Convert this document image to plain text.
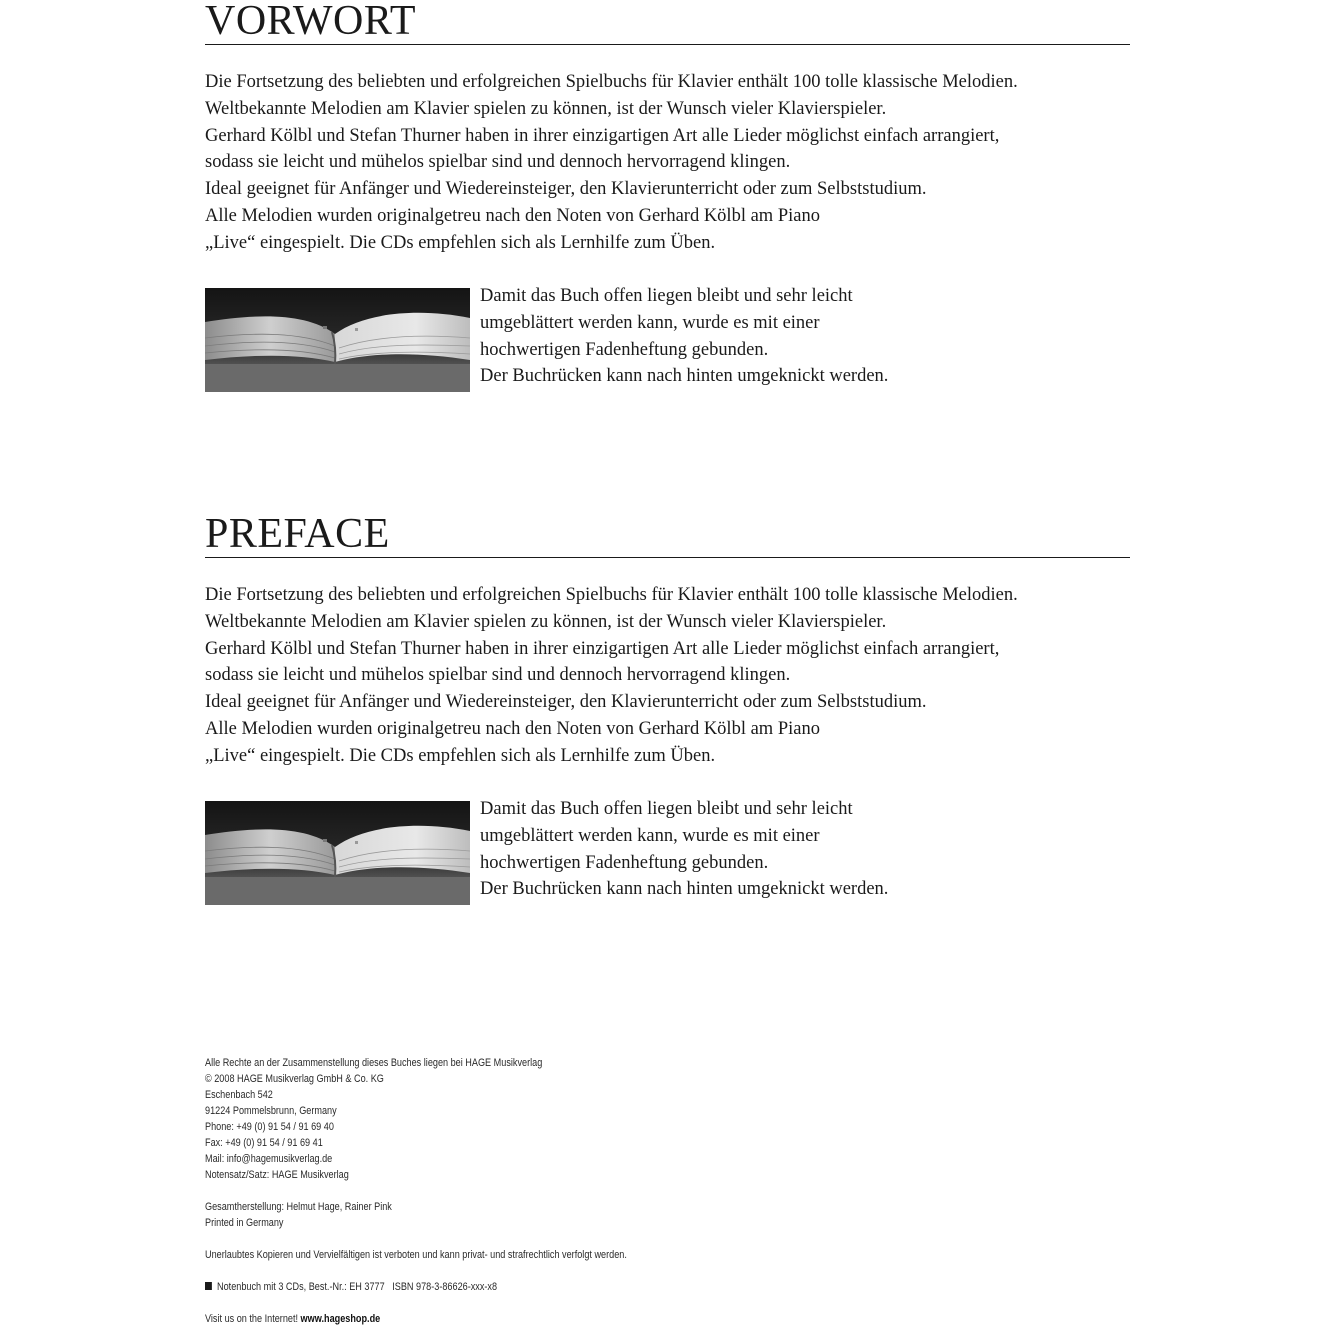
VORWORT
Die Fortsetzung des beliebten und erfolgreichen Spielbuchs für Klavier enthält 100 tolle klassische Melodien.
Weltbekannte Melodien am Klavier spielen zu können, ist der Wunsch vieler Klavierspieler.
Gerhard Kölbl und Stefan Thurner haben in ihrer einzigartigen Art alle Lieder möglichst einfach arrangiert,
sodass sie leicht und mühelos spielbar sind und dennoch hervorragend klingen.
Ideal geeignet für Anfänger und Wiedereinsteiger, den Klavierunterricht oder zum Selbststudium.
Alle Melodien wurden originalgetreu nach den Noten von Gerhard Kölbl am Piano
„Live“ eingespielt. Die CDs empfehlen sich als Lernhilfe zum Üben.
Damit das Buch offen liegen bleibt und sehr leicht
umgeblättert werden kann, wurde es mit einer
hochwertigen Fadenheftung gebunden.
Der Buchrücken kann nach hinten umgeknickt werden.
PREFACE
Die Fortsetzung des beliebten und erfolgreichen Spielbuchs für Klavier enthält 100 tolle klassische Melodien.
Weltbekannte Melodien am Klavier spielen zu können, ist der Wunsch vieler Klavierspieler.
Gerhard Kölbl und Stefan Thurner haben in ihrer einzigartigen Art alle Lieder möglichst einfach arrangiert,
sodass sie leicht und mühelos spielbar sind und dennoch hervorragend klingen.
Ideal geeignet für Anfänger und Wiedereinsteiger, den Klavierunterricht oder zum Selbststudium.
Alle Melodien wurden originalgetreu nach den Noten von Gerhard Kölbl am Piano
„Live“ eingespielt. Die CDs empfehlen sich als Lernhilfe zum Üben.
Damit das Buch offen liegen bleibt und sehr leicht
umgeblättert werden kann, wurde es mit einer
hochwertigen Fadenheftung gebunden.
Der Buchrücken kann nach hinten umgeknickt werden.
Alle Rechte an der Zusammenstellung dieses Buches liegen bei HAGE Musikverlag
© 2008 HAGE Musikverlag GmbH & Co. KG
Eschenbach 542
91224 Pommelsbrunn, Germany
Phone: +49 (0) 91 54 / 91 69 40
Fax: +49 (0) 91 54 / 91 69 41
Mail: info@hagemusikverlag.de
Notensatz/Satz: HAGE Musikverlag
Gesamtherstellung: Helmut Hage, Rainer Pink
Printed in Germany
Unerlaubtes Kopieren und Vervielfältigen ist verboten und kann privat- und strafrechtlich verfolgt werden.
Notenbuch mit 3 CDs, Best.-Nr.: EH 3777   ISBN 978-3-86626-xxx-x8
Visit us on the Internet! www.hageshop.de
